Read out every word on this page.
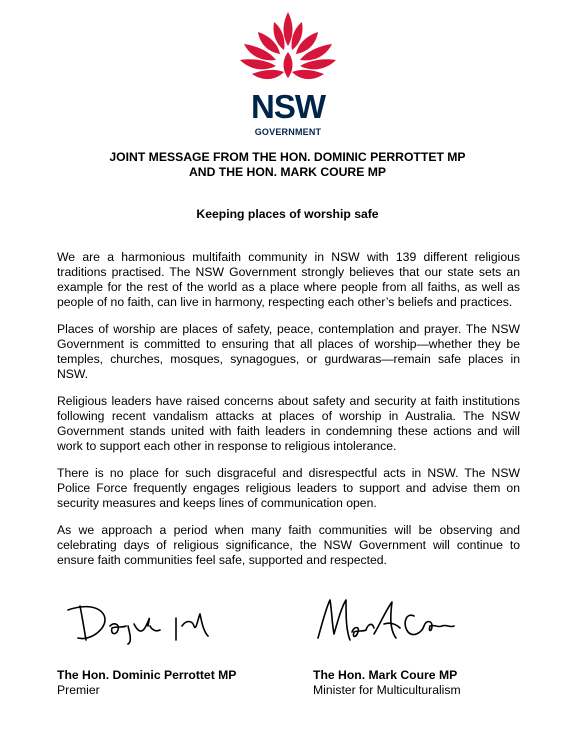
NSW
GOVERNMENT
JOINT MESSAGE FROM THE HON. DOMINIC PERROTTET MP
AND THE HON. MARK COURE MP
Keeping places of worship safe

We are a harmonious multifaith community in NSW with 139 different religious traditions practised. The NSW Government strongly believes that our state sets an example for the rest of the world as a place where people from all faiths, as well as people of no faith, can live in harmony, respecting each other’s beliefs and practices.

Places of worship are places of safety, peace, contemplation and prayer. The NSW Government is committed to ensuring that all places of worship—whether they be temples, churches, mosques, synagogues, or gurdwaras—remain safe places in NSW.

Religious leaders have raised concerns about safety and security at faith institutions following recent vandalism attacks at places of worship in Australia. The NSW Government stands united with faith leaders in condemning these actions and will work to support each other in response to religious intolerance.

There is no place for such disgraceful and disrespectful acts in NSW. The NSW Police Force frequently engages religious leaders to support and advise them on security measures and keeps lines of communication open.

As we approach a period when many faith communities will be observing and celebrating days of religious significance, the NSW Government will continue to ensure faith communities feel safe, supported and respected.

The Hon. Dominic Perrottet MP
Premier
The Hon. Mark Coure MP
Minister for Multiculturalism
